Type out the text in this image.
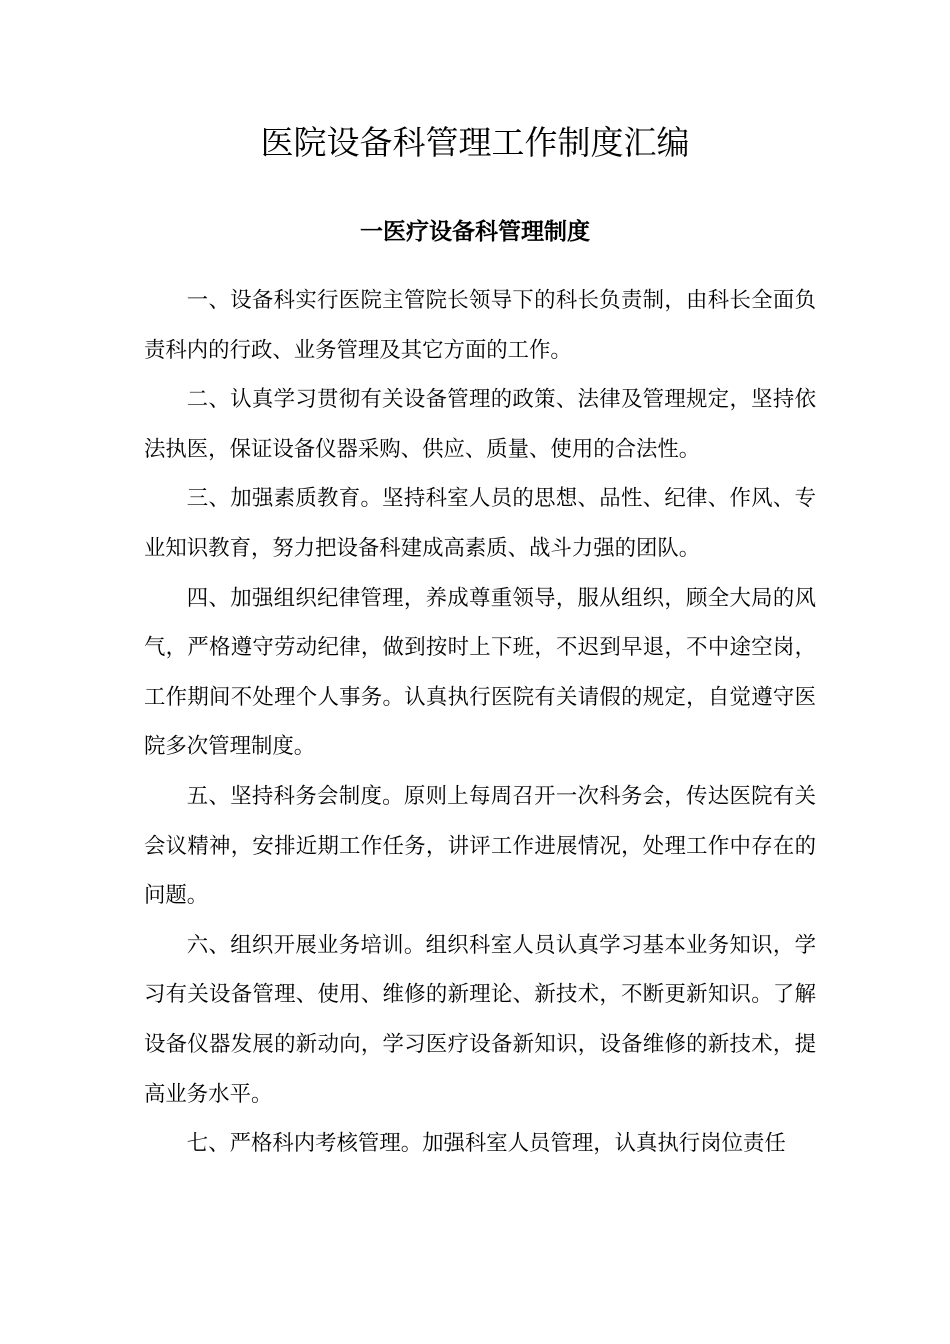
医院设备科管理工作制度汇编
一医疗设备科管理制度

一、设备科实行医院主管院长领导下的科长负责制，由科长全面负责科内的行政、业务管理及其它方面的工作。

二、认真学习贯彻有关设备管理的政策、法律及管理规定，坚持依法执医，保证设备仪器采购、供应、质量、使用的合法性。

三、加强素质教育。坚持科室人员的思想、品性、纪律、作风、专业知识教育，努力把设备科建成高素质、战斗力强的团队。

四、加强组织纪律管理，养成尊重领导，服从组织，顾全大局的风气，严格遵守劳动纪律，做到按时上下班，不迟到早退，不中途空岗，工作期间不处理个人事务。认真执行医院有关请假的规定，自觉遵守医院多次管理制度。

五、坚持科务会制度。原则上每周召开一次科务会，传达医院有关会议精神，安排近期工作任务，讲评工作进展情况，处理工作中存在的问题。

六、组织开展业务培训。组织科室人员认真学习基本业务知识，学习有关设备管理、使用、维修的新理论、新技术，不断更新知识。了解设备仪器发展的新动向，学习医疗设备新知识，设备维修的新技术，提高业务水平。

七、严格科内考核管理。加强科室人员管理，认真执行岗位责任
